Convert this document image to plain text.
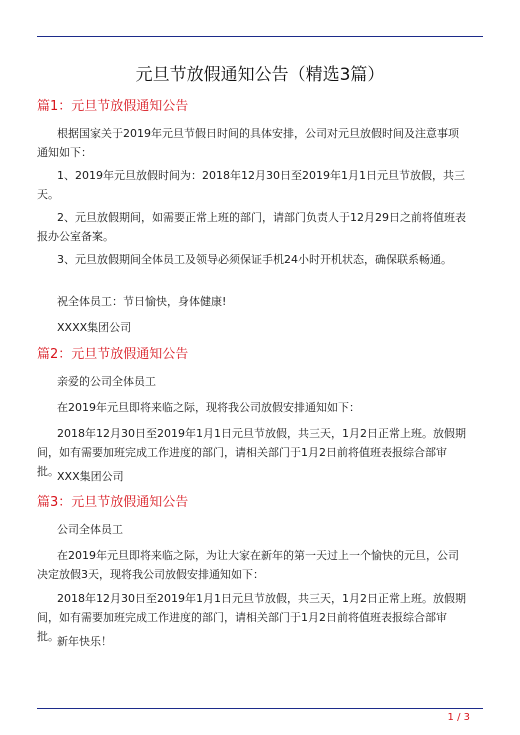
元旦节放假通知公告（精选3篇）
篇1：元旦节放假通知公告
根据国家关于2019年元旦节假日时间的具体安排，公司对元旦放假时间及注意事项通知如下：
1、2019年元旦放假时间为：2018年12月30日至2019年1月1日元旦节放假，共三天。
2、元旦放假期间，如需要正常上班的部门，请部门负责人于12月29日之前将值班表报办公室备案。
3、元旦放假期间全体员工及领导必须保证手机24小时开机状态，确保联系畅通。
祝全体员工：节日愉快，身体健康!
XXXX集团公司
篇2：元旦节放假通知公告
亲爱的公司全体员工
在2019年元旦即将来临之际，现将我公司放假安排通知如下：
2018年12月30日至2019年1月1日元旦节放假，共三天，1月2日正常上班。放假期间，如有需要加班完成工作进度的部门，请相关部门于1月2日前将值班表报综合部审批。
XXX集团公司
篇3：元旦节放假通知公告
公司全体员工
在2019年元旦即将来临之际，为让大家在新年的第一天过上一个愉快的元旦，公司决定放假3天，现将我公司放假安排通知如下：
2018年12月30日至2019年1月1日元旦节放假，共三天，1月2日正常上班。放假期间，如有需要加班完成工作进度的部门，请相关部门于1月2日前将值班表报综合部审批。
新年快乐！
1 / 3
